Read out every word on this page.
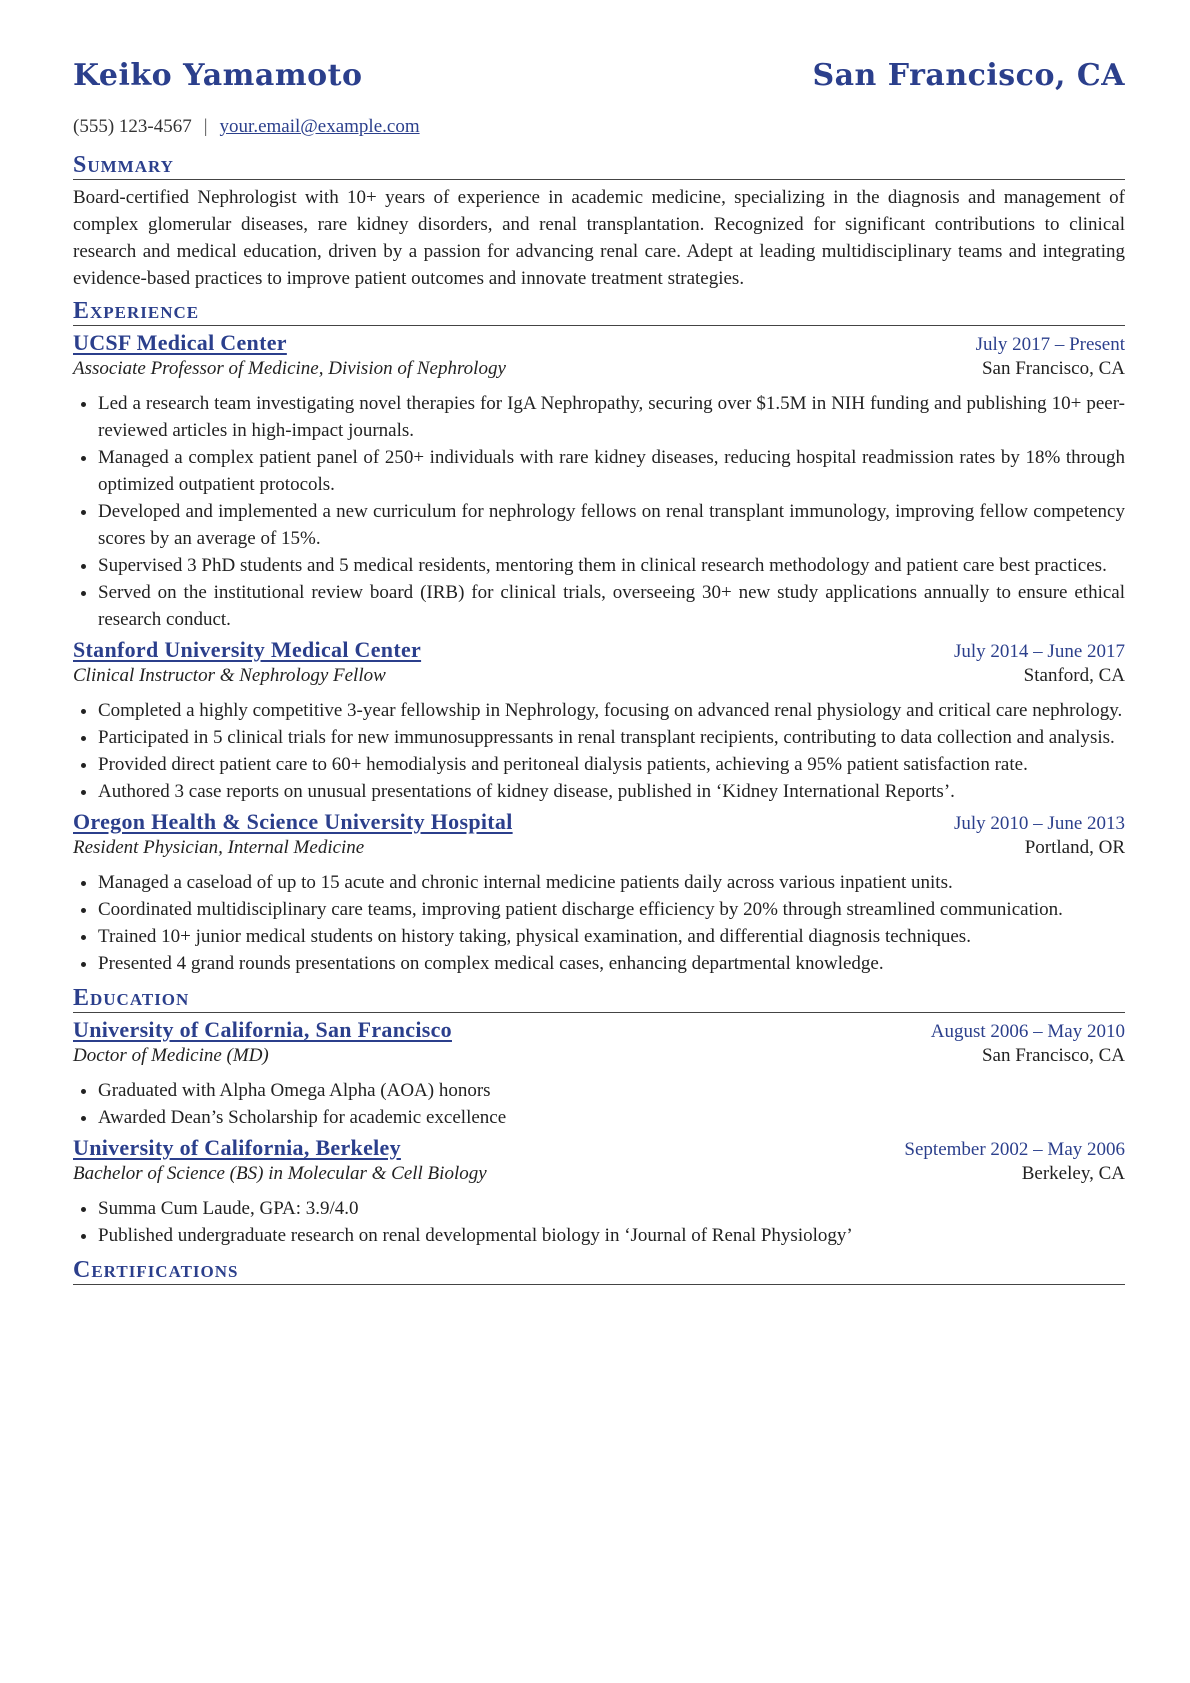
Keiko Yamamoto	San Francisco, CA
(555) 123-4567 | your.email@example.com
Summary
Board-certified Nephrologist with 10+ years of experience in academic medicine, specializing in the diagnosis and management of complex glomerular diseases, rare kidney disorders, and renal transplantation. Recognized for significant contributions to clinical research and medical education, driven by a passion for advancing renal care. Adept at leading multidisciplinary teams and integrating evidence-based practices to improve patient outcomes and innovate treatment strategies.
Experience
UCSF Medical Center	July 2017 – Present
Associate Professor of Medicine, Division of Nephrology	San Francisco, CA
• Led a research team investigating novel therapies for IgA Nephropathy, securing over $1.5M in NIH funding and publishing 10+ peer-reviewed articles in high-impact journals.
• Managed a complex patient panel of 250+ individuals with rare kidney diseases, reducing hospital readmission rates by 18% through optimized outpatient protocols.
• Developed and implemented a new curriculum for nephrology fellows on renal transplant immunology, improving fellow competency scores by an average of 15%.
• Supervised 3 PhD students and 5 medical residents, mentoring them in clinical research methodology and patient care best practices.
• Served on the institutional review board (IRB) for clinical trials, overseeing 30+ new study applications annually to ensure ethical research conduct.
Stanford University Medical Center	July 2014 – June 2017
Clinical Instructor & Nephrology Fellow	Stanford, CA
• Completed a highly competitive 3-year fellowship in Nephrology, focusing on advanced renal physiology and critical care nephrology.
• Participated in 5 clinical trials for new immunosuppressants in renal transplant recipients, contributing to data collection and analysis.
• Provided direct patient care to 60+ hemodialysis and peritoneal dialysis patients, achieving a 95% patient satisfaction rate.
• Authored 3 case reports on unusual presentations of kidney disease, published in ‘Kidney International Reports’.
Oregon Health & Science University Hospital	July 2010 – June 2013
Resident Physician, Internal Medicine	Portland, OR
• Managed a caseload of up to 15 acute and chronic internal medicine patients daily across various inpatient units.
• Coordinated multidisciplinary care teams, improving patient discharge efficiency by 20% through streamlined communication.
• Trained 10+ junior medical students on history taking, physical examination, and differential diagnosis techniques.
• Presented 4 grand rounds presentations on complex medical cases, enhancing departmental knowledge.
Education
University of California, San Francisco	August 2006 – May 2010
Doctor of Medicine (MD)	San Francisco, CA
• Graduated with Alpha Omega Alpha (AOA) honors
• Awarded Dean’s Scholarship for academic excellence
University of California, Berkeley	September 2002 – May 2006
Bachelor of Science (BS) in Molecular & Cell Biology	Berkeley, CA
• Summa Cum Laude, GPA: 3.9/4.0
• Published undergraduate research on renal developmental biology in ‘Journal of Renal Physiology’
Certifications
